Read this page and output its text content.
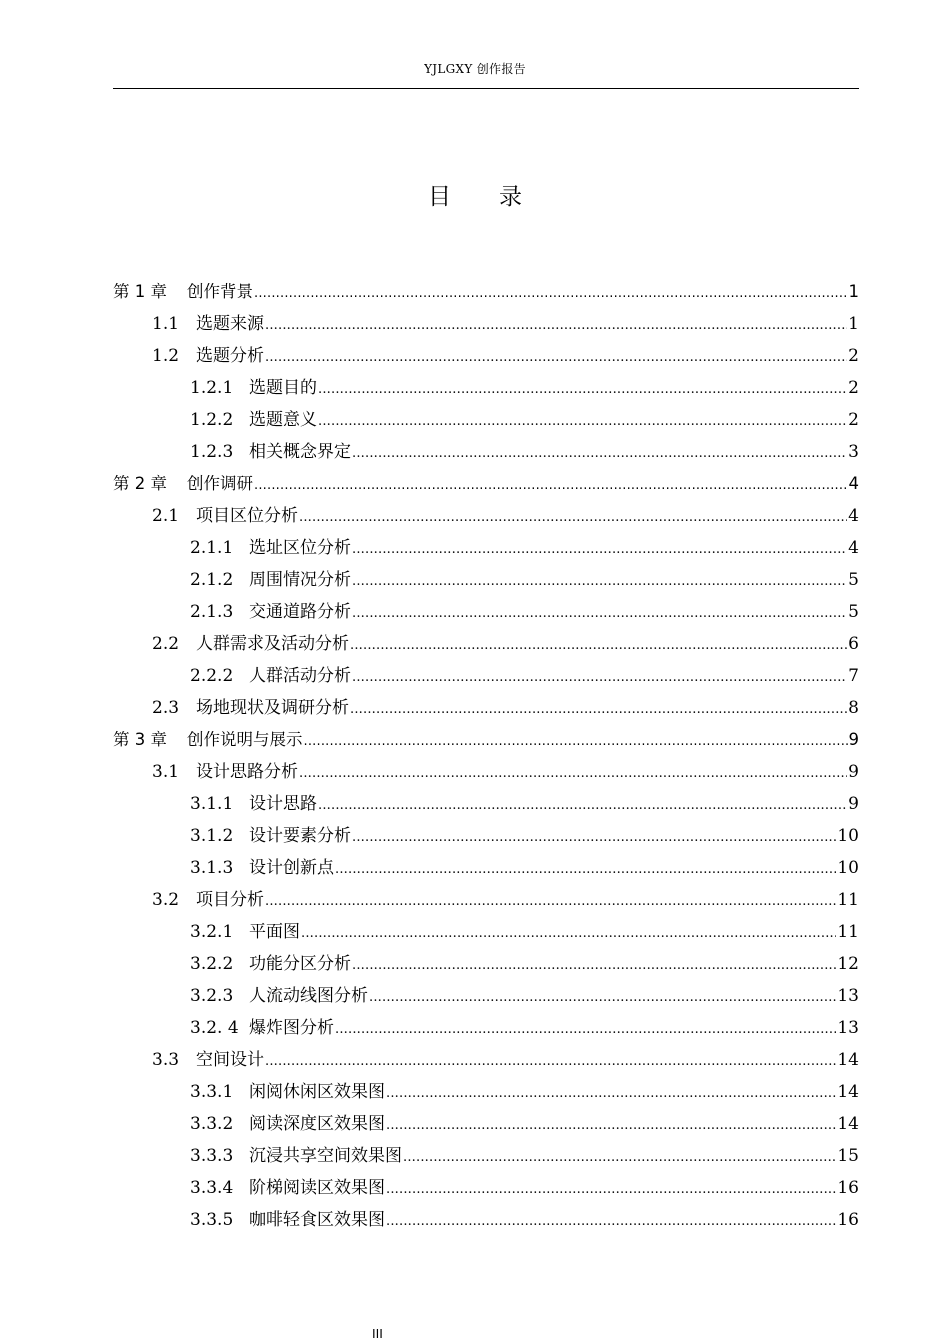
YJLGXY 创作报告
目 录
第 1 章	创作背景 .....	1
1.1 选题来源 .....	1
1.2 选题分析 .....	2
1.2.1 选题目的 .....	2
1.2.2 选题意义 .....	2
1.2.3 相关概念界定 .....	3
第 2 章	创作调研 .....	4
2.1 项目区位分析 .....	4
2.1.1 选址区位分析 .....	4
2.1.2 周围情况分析 .....	5
2.1.3 交通道路分析 .....	5
2.2 人群需求及活动分析 .....	6
2.2.2 人群活动分析 .....	7
2.3 场地现状及调研分析 .....	8
第 3 章	创作说明与展示 .....	9
3.1 设计思路分析 .....	9
3.1.1 设计思路 .....	9
3.1.2 设计要素分析 .....	10
3.1.3 设计创新点 .....	10
3.2 项目分析 .....	11
3.2.1 平面图 .....	11
3.2.2 功能分区分析 .....	12
3.2.3 人流动线图分析 .....	13
3.2. 4 爆炸图分析 .....	13
3.3 空间设计 .....	14
3.3.1 闲阅休闲区效果图 .....	14
3.3.2 阅读深度区效果图 .....	14
3.3.3 沉浸共享空间效果图 .....	15
3.3.4 阶梯阅读区效果图 .....	16
3.3.5 咖啡轻食区效果图 .....	16
III
